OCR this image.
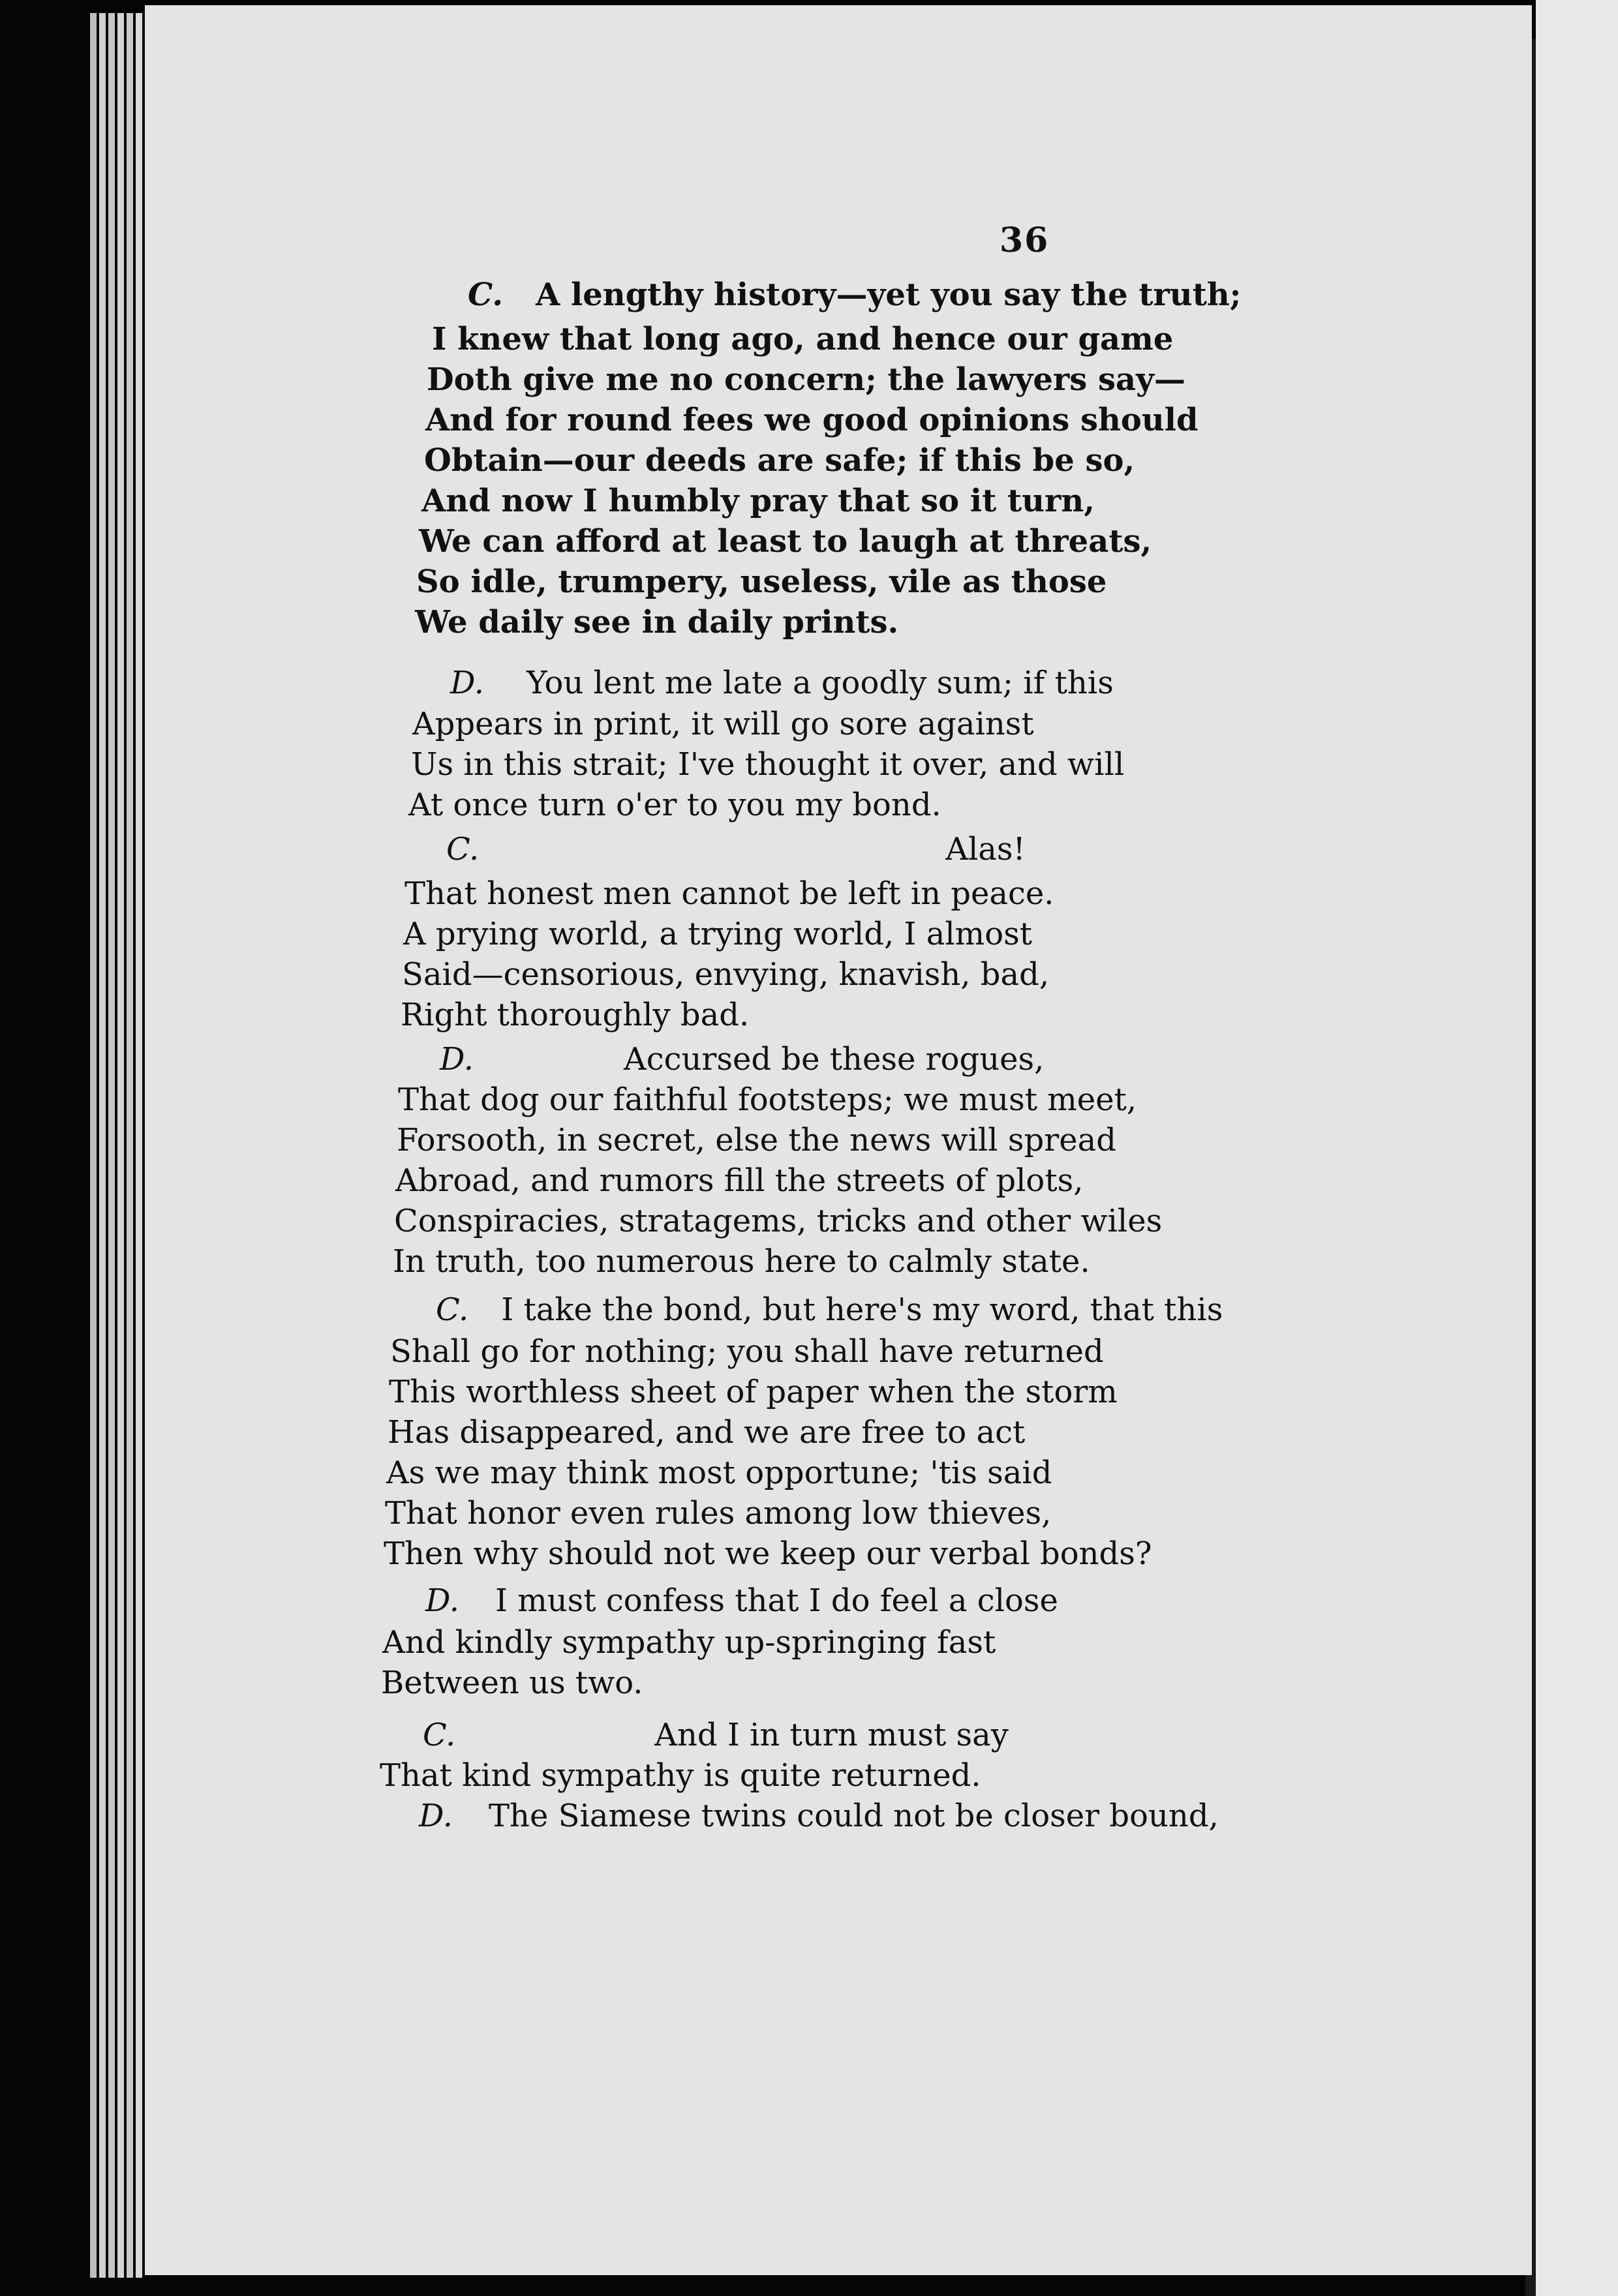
36
C. A lengthy history—yet you say the truth;
I knew that long ago, and hence our game
Doth give me no concern; the lawyers say—
And for round fees we good opinions should
Obtain—our deeds are safe; if this be so,
And now I humbly pray that so it turn,
We can afford at least to laugh at threats,
So idle, trumpery, useless, vile as those
We daily see in daily prints.
D. You lent me late a goodly sum; if this
Appears in print, it will go sore against
Us in this strait; I've thought it over, and will
At once turn o'er to you my bond.
C.	Alas!
That honest men cannot be left in peace.
A prying world, a trying world, I almost
Said—censorious, envying, knavish, bad,
Right thoroughly bad.
D.	Accursed be these rogues,
That dog our faithful footsteps; we must meet,
Forsooth, in secret, else the news will spread
Abroad, and rumors fill the streets of plots,
Conspiracies, stratagems, tricks and other wiles
In truth, too numerous here to calmly state.
C. I take the bond, but here's my word, that this
Shall go for nothing; you shall have returned
This worthless sheet of paper when the storm
Has disappeared, and we are free to act
As we may think most opportune; 'tis said
That honor even rules among low thieves,
Then why should not we keep our verbal bonds?
D. I must confess that I do feel a close
And kindly sympathy up-springing fast
Between us two.
C.	And I in turn must say
That kind sympathy is quite returned.
D. The Siamese twins could not be closer bound,
